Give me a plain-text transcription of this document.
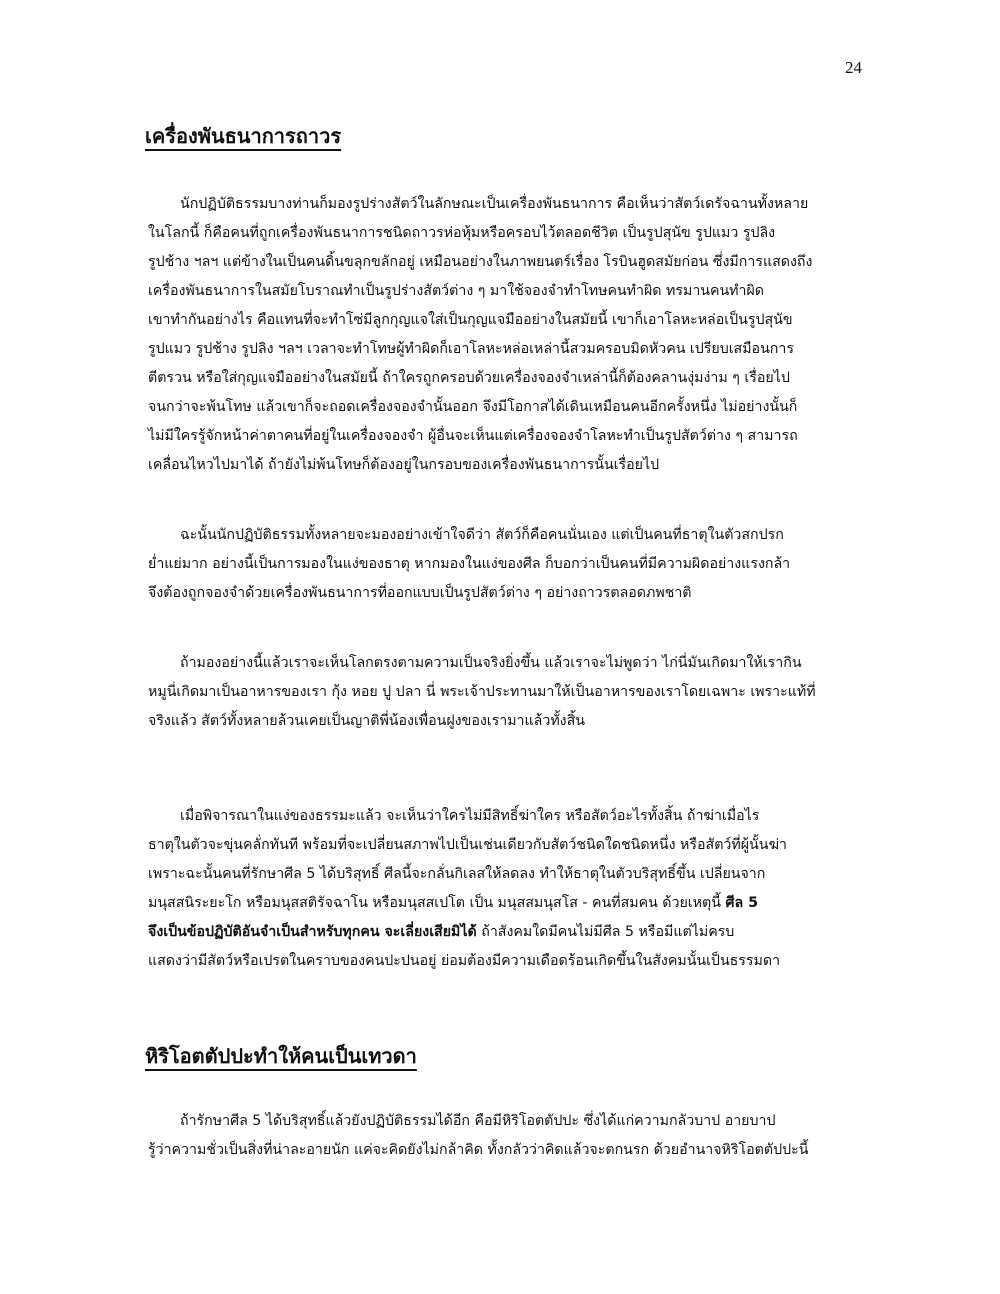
24
เครื่องพันธนาการถาวร
นักปฏิบัติธรรมบางท่านก็มองรูปร่างสัตว์ในลักษณะเป็นเครื่องพันธนาการ คือเห็นว่าสัตว์เดรัจฉานทั้งหลาย
ในโลกนี้ ก็คือคนที่ถูกเครื่องพันธนาการชนิดถาวรห่อหุ้มหรือครอบไว้ตลอดชีวิต เป็นรูปสุนัข รูปแมว รูปลิง
รูปช้าง ฯลฯ แต่ข้างในเป็นคนดิ้นขลุกขลักอยู่ เหมือนอย่างในภาพยนตร์เรื่อง โรบินฮูดสมัยก่อน ซึ่งมีการแสดงถึง
เครื่องพันธนาการในสมัยโบราณทำเป็นรูปร่างสัตว์ต่าง ๆ มาใช้จองจำทำโทษคนทำผิด ทรมานคนทำผิด
เขาทำกันอย่างไร คือแทนที่จะทำโซ่มีลูกกุญแจใส่เป็นกุญแจมืออย่างในสมัยนี้ เขาก็เอาโลหะหล่อเป็นรูปสุนัข
รูปแมว รูปช้าง รูปลิง ฯลฯ เวลาจะทำโทษผู้ทำผิดก็เอาโลหะหล่อเหล่านี้สวมครอบมิดหัวคน เปรียบเสมือนการ
ตีตรวน หรือใส่กุญแจมืออย่างในสมัยนี้ ถ้าใครถูกครอบด้วยเครื่องจองจำเหล่านี้ก็ต้องคลานงุ่มง่าม ๆ เรื่อยไป
จนกว่าจะพ้นโทษ แล้วเขาก็จะถอดเครื่องจองจำนั้นออก จึงมีโอกาสได้เดินเหมือนคนอีกครั้งหนึ่ง ไม่อย่างนั้นก็
ไม่มีใครรู้จักหน้าค่าตาคนที่อยู่ในเครื่องจองจำ ผู้อื่นจะเห็นแต่เครื่องจองจำโลหะทำเป็นรูปสัตว์ต่าง ๆ สามารถ
เคลื่อนไหวไปมาได้ ถ้ายังไม่พ้นโทษก็ต้องอยู่ในกรอบของเครื่องพันธนาการนั้นเรื่อยไป
ฉะนั้นนักปฏิบัติธรรมทั้งหลายจะมองอย่างเข้าใจดีว่า สัตว์ก็คือคนนั่นเอง แต่เป็นคนที่ธาตุในตัวสกปรก
ย่ำแย่มาก อย่างนี้เป็นการมองในแง่ของธาตุ หากมองในแง่ของศีล ก็บอกว่าเป็นคนที่มีความผิดอย่างแรงกล้า
จึงต้องถูกจองจำด้วยเครื่องพันธนาการที่ออกแบบเป็นรูปสัตว์ต่าง ๆ อย่างถาวรตลอดภพชาติ
ถ้ามองอย่างนี้แล้วเราจะเห็นโลกตรงตามความเป็นจริงยิ่งขึ้น แล้วเราจะไม่พูดว่า ไก่นี่มันเกิดมาให้เรากิน
หมูนี่เกิดมาเป็นอาหารของเรา กุ้ง หอย ปู ปลา นี่ พระเจ้าประทานมาให้เป็นอาหารของเราโดยเฉพาะ เพราะแท้ที่
จริงแล้ว สัตว์ทั้งหลายล้วนเคยเป็นญาติพี่น้องเพื่อนฝูงของเรามาแล้วทั้งสิ้น
เมื่อพิจารณาในแง่ของธรรมะแล้ว จะเห็นว่าใครไม่มีสิทธิ์ฆ่าใคร หรือสัตว์อะไรทั้งสิ้น ถ้าฆ่าเมื่อไร
ธาตุในตัวจะขุ่นคลั่กทันที พร้อมที่จะเปลี่ยนสภาพไปเป็นเช่นเดียวกับสัตว์ชนิดใดชนิดหนึ่ง หรือสัตว์ที่ผู้นั้นฆ่า
เพราะฉะนั้นคนที่รักษาศีล 5 ได้บริสุทธิ์ ศีลนี้จะกลั่นกิเลสให้ลดลง ทำให้ธาตุในตัวบริสุทธิ์ขึ้น เปลี่ยนจาก
มนุสสนิระยะโก หรือมนุสสติรัจฉาโน หรือมนุสสเปโต เป็น มนุสสมนุสโส - คนที่สมคน ด้วยเหตุนี้ ศีล 5
จึงเป็นข้อปฏิบัติอันจำเป็นสำหรับทุกคน จะเลี่ยงเสียมิได้ ถ้าสังคมใดมีคนไม่มีศีล 5 หรือมีแต่ไม่ครบ
แสดงว่ามีสัตว์หรือเปรตในคราบของคนปะปนอยู่ ย่อมต้องมีความเดือดร้อนเกิดขึ้นในสังคมนั้นเป็นธรรมดา
หิริโอตตัปปะทำให้คนเป็นเทวดา
ถ้ารักษาศีล 5 ได้บริสุทธิ์แล้วยังปฏิบัติธรรมได้อีก คือมีหิริโอตตัปปะ ซึ่งได้แก่ความกลัวบาป อายบาป
รู้ว่าความชั่วเป็นสิ่งที่น่าละอายนัก แค่จะคิดยังไม่กล้าคิด ทั้งกลัวว่าคิดแล้วจะตกนรก ด้วยอำนาจหิริโอตตัปปะนี้
